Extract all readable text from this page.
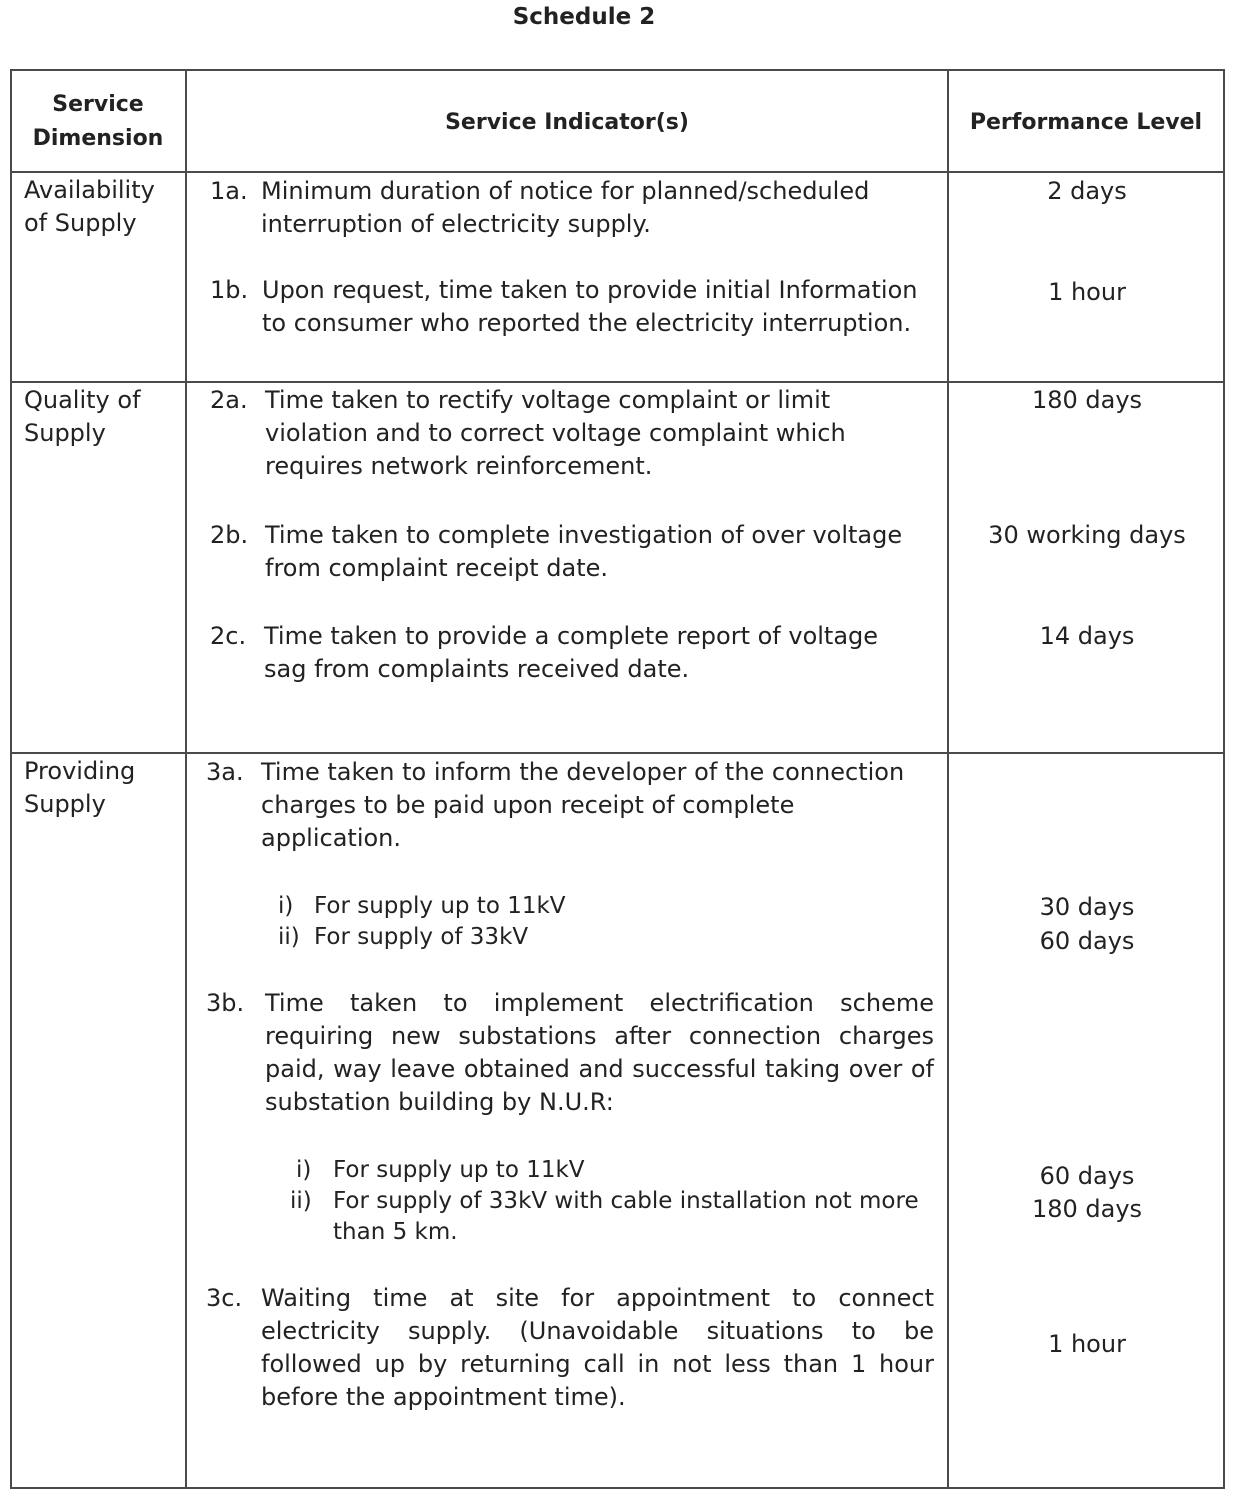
Schedule 2
Service Dimension
Service Indicator(s)	Performance Level
Availability of Supply
1a. Minimum duration of notice for planned/scheduled interruption of electricity supply.
2 days
1b. Upon request, time taken to provide initial Information to consumer who reported the electricity interruption.
1 hour
Quality of Supply
2a. Time taken to rectify voltage complaint or limit violation and to correct voltage complaint which requires network reinforcement.
180 days
2b. Time taken to complete investigation of over voltage from complaint receipt date.
30 working days
2c. Time taken to provide a complete report of voltage sag from complaints received date.
14 days
Providing Supply
3a. Time taken to inform the developer of the connection charges to be paid upon receipt of complete application.
i) For supply up to 11kV
ii) For supply of 33kV
30 days
60 days
3b. Time taken to implement electrification scheme requiring new substations after connection charges paid, way leave obtained and successful taking over of substation building by N.U.R:
i) For supply up to 11kV
ii) For supply of 33kV with cable installation not more than 5 km.
60 days
180 days
3c. Waiting time at site for appointment to connect electricity supply. (Unavoidable situations to be followed up by returning call in not less than 1 hour before the appointment time).
1 hour
